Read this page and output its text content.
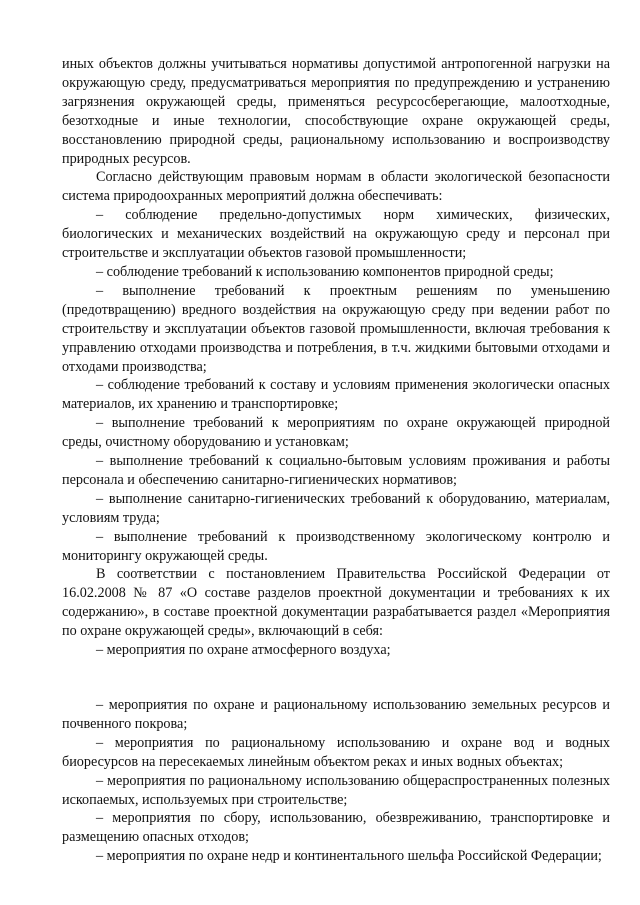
иных объектов должны учитываться нормативы допустимой антропогенной нагрузки на окружающую среду, предусматриваться мероприятия по предупреждению и устранению загрязнения окружающей среды, применяться ресурсосберегающие, малоотходные, безотходные и иные технологии, способствующие охране окружающей среды, восстановлению природной среды, рациональному использованию и воспроизводству природных ресурсов.

Согласно действующим правовым нормам в области экологической безопасности система природоохранных мероприятий должна обеспечивать:

– соблюдение предельно-допустимых норм химических, физических, биологических и механических воздействий на окружающую среду и персонал при строительстве и эксплуатации объектов газовой промышленности;

– соблюдение требований к использованию компонентов природной среды;

– выполнение требований к проектным решениям по уменьшению (предотвращению) вредного воздействия на окружающую среду при ведении работ по строительству и эксплуатации объектов газовой промышленности, включая требования к управлению отходами производства и потребления, в т.ч. жидкими бытовыми отходами и отходами производства;

– соблюдение требований к составу и условиям применения экологически опасных материалов, их хранению и транспортировке;

– выполнение требований к мероприятиям по охране окружающей природной среды, очистному оборудованию и установкам;

– выполнение требований к социально-бытовым условиям проживания и работы персонала и обеспечению санитарно-гигиенических нормативов;

– выполнение санитарно-гигиенических требований к оборудованию, материалам, условиям труда;

– выполнение требований к производственному экологическому контролю и мониторингу окружающей среды.

В соответствии с постановлением Правительства Российской Федерации от 16.02.2008 № 87 «О составе разделов проектной документации и требованиях к их содержанию», в составе проектной документации разрабатывается раздел «Мероприятия по охране окружающей среды», включающий в себя:

– мероприятия по охране атмосферного воздуха;

– мероприятия по охране и рациональному использованию земельных ресурсов и почвенного покрова;

– мероприятия по рациональному использованию и охране вод и водных биоресурсов на пересекаемых линейным объектом реках и иных водных объектах;

– мероприятия по рациональному использованию общераспространенных полезных ископаемых, используемых при строительстве;

– мероприятия по сбору, использованию, обезвреживанию, транспортировке и размещению опасных отходов;

– мероприятия по охране недр и континентального шельфа Российской Федерации;
